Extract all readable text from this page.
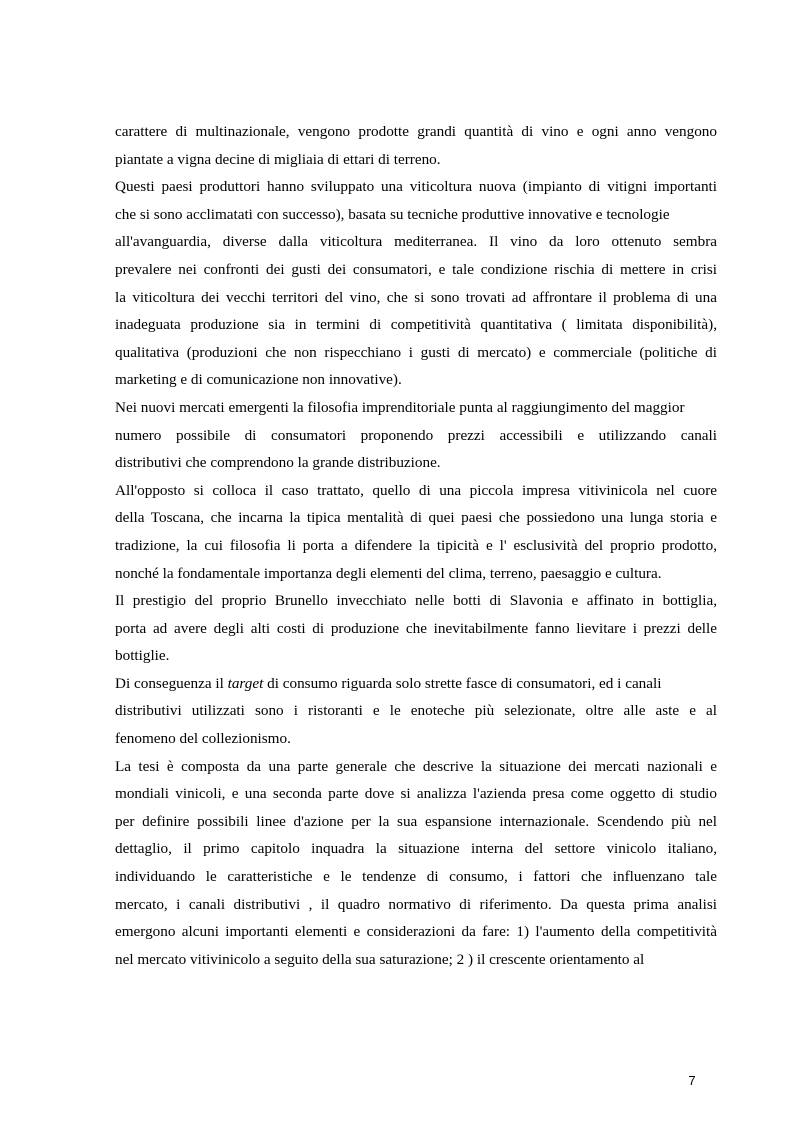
carattere di multinazionale, vengono prodotte grandi quantità di vino e ogni anno vengono
piantate a vigna decine di migliaia di ettari di terreno.
Questi paesi produttori hanno sviluppato una viticoltura nuova (impianto di vitigni importanti
che si sono acclimatati con successo), basata su tecniche produttive innovative e tecnologie
all'avanguardia, diverse dalla viticoltura mediterranea. Il vino da loro ottenuto sembra
prevalere nei confronti dei gusti dei consumatori, e tale condizione rischia di mettere in crisi
la viticoltura dei vecchi territori del vino, che si sono trovati ad affrontare il problema di una
inadeguata produzione sia in termini di competitività quantitativa ( limitata disponibilità),
qualitativa (produzioni che non rispecchiano i gusti di mercato) e commerciale (politiche di
marketing e di comunicazione non innovative).
Nei nuovi mercati emergenti la filosofia imprenditoriale punta al raggiungimento del maggior
numero possibile di consumatori proponendo prezzi accessibili e utilizzando canali
distributivi che comprendono la grande distribuzione.
All'opposto si colloca il caso trattato, quello di una piccola impresa vitivinicola nel cuore
della Toscana, che incarna la tipica mentalità di quei paesi che possiedono una lunga storia e
tradizione, la cui filosofia li porta a difendere la tipicità e l' esclusività del proprio prodotto,
nonché la fondamentale importanza degli elementi del clima, terreno, paesaggio e cultura.
Il prestigio del proprio Brunello invecchiato nelle botti di Slavonia e affinato in bottiglia,
porta ad avere degli alti costi di produzione che inevitabilmente fanno lievitare i prezzi delle
bottiglie.
Di conseguenza il target di consumo riguarda solo strette fasce di consumatori, ed i canali
distributivi utilizzati sono i ristoranti e le enoteche più selezionate, oltre alle aste e al
fenomeno del collezionismo.
La tesi è composta da una parte generale che descrive la situazione dei mercati nazionali e
mondiali vinicoli, e una seconda parte dove si analizza l'azienda presa come oggetto di studio
per definire possibili linee d'azione per la sua espansione internazionale. Scendendo più nel
dettaglio, il primo capitolo inquadra la situazione interna del settore vinicolo italiano,
individuando le caratteristiche e le tendenze di consumo, i fattori che influenzano tale
mercato, i canali distributivi , il quadro normativo di riferimento. Da questa prima analisi
emergono alcuni importanti elementi e considerazioni da fare: 1) l'aumento della competitività
nel mercato vitivinicolo a seguito della sua saturazione; 2 ) il crescente orientamento al
7
